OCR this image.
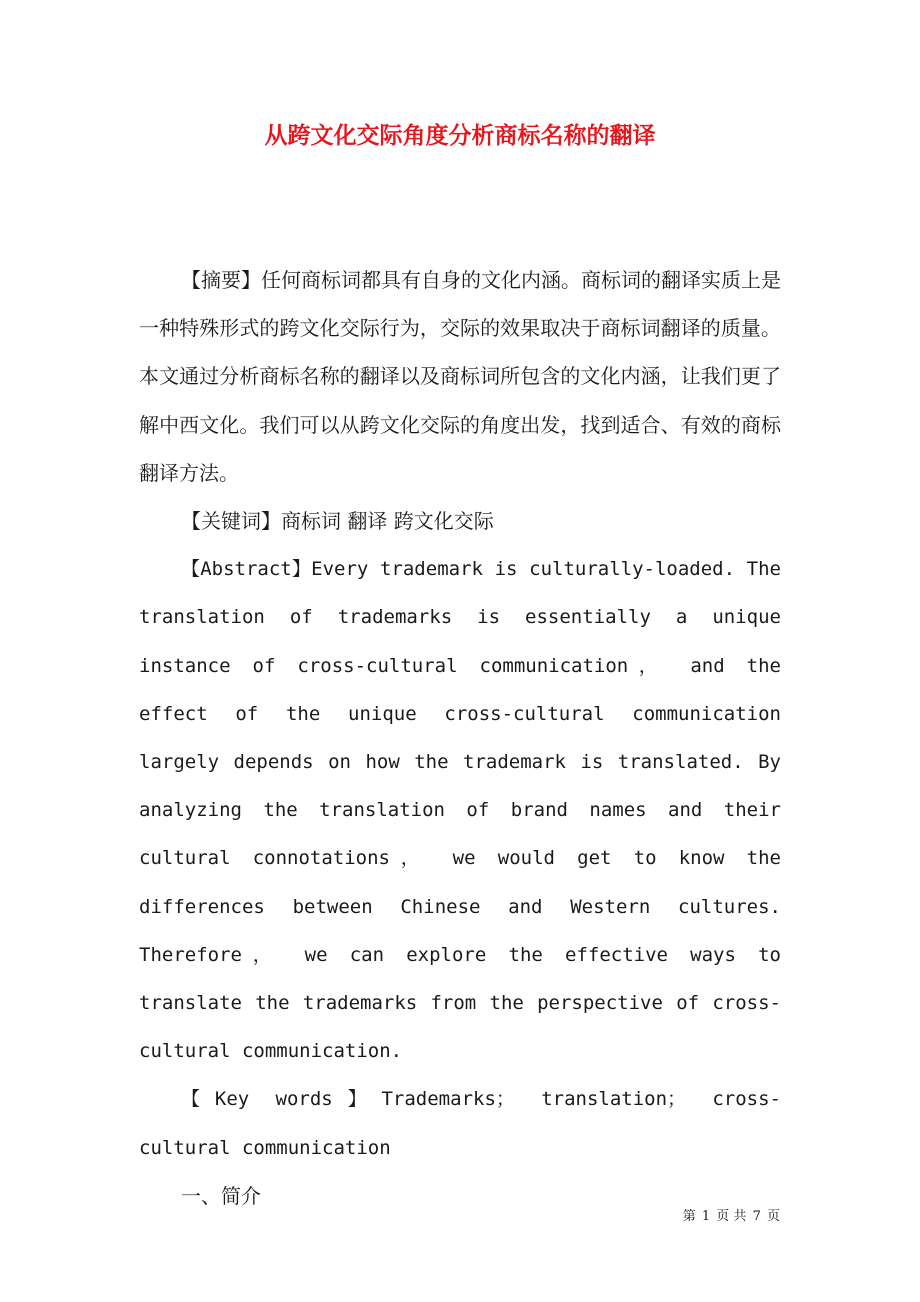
从跨文化交际角度分析商标名称的翻译

【摘要】任何商标词都具有自身的文化内涵。商标词的翻译实质上是一种特殊形式的跨文化交际行为，交际的效果取决于商标词翻译的质量。本文通过分析商标名称的翻译以及商标词所包含的文化内涵，让我们更了解中西文化。我们可以从跨文化交际的角度出发，找到适合、有效的商标翻译方法。

【关键词】商标词 翻译 跨文化交际

【Abstract】Every trademark is culturally-loaded. The translation of trademarks is essentially a unique instance of cross-cultural communication， and the effect of the unique cross-cultural communication largely depends on how the trademark is translated. By analyzing the translation of brand names and their cultural connotations， we would get to know the differences between Chinese and Western cultures. Therefore， we can explore the effective ways to translate the trademarks from the perspective of cross-cultural communication.

【Key words】Trademarks； translation； cross-cultural communication

一、简介

第 1 页 共 7 页
